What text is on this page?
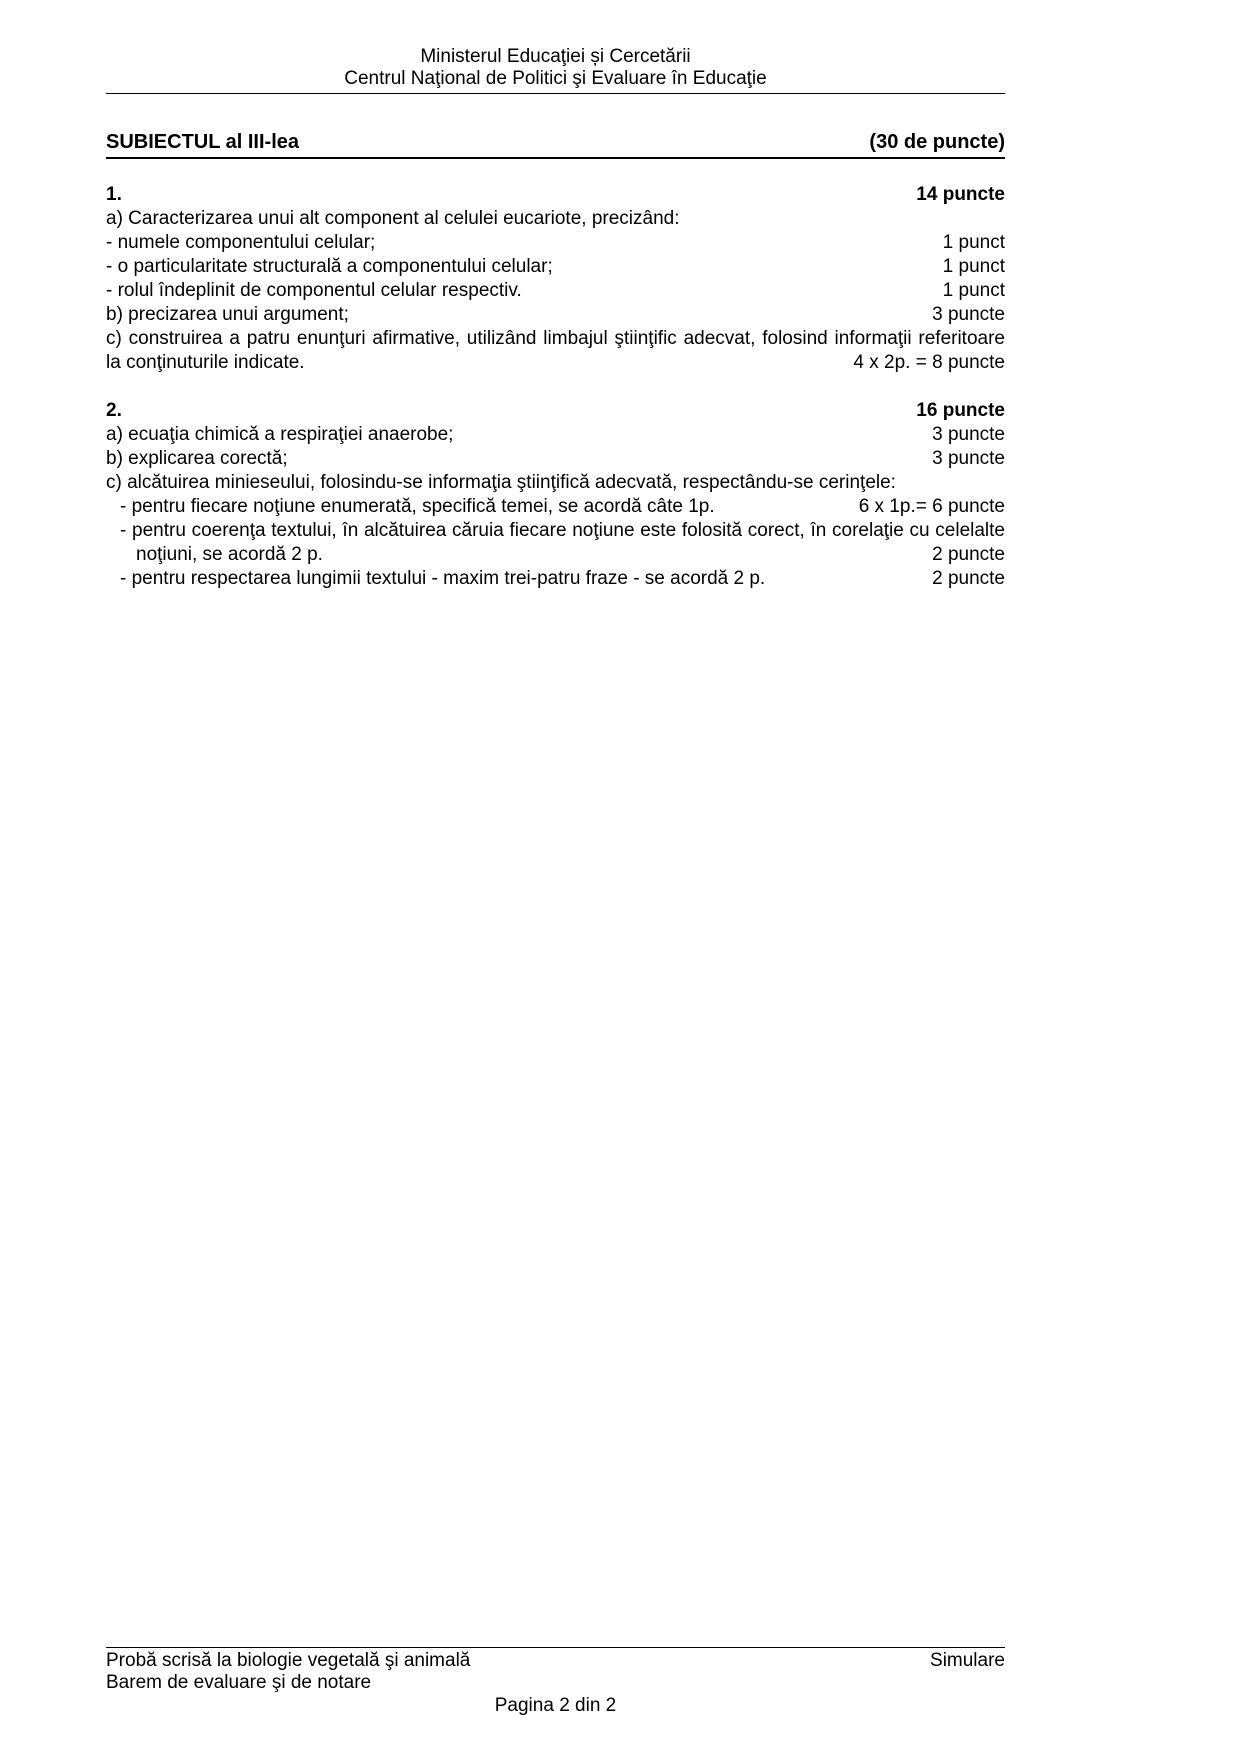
Ministerul Educaţiei și Cercetării
Centrul Naţional de Politici şi Evaluare în Educaţie
SUBIECTUL al III-lea	(30 de puncte)
1.	14 puncte
a) Caracterizarea unui alt component al celulei eucariote, precizând:
- numele componentului celular;	1 punct
- o particularitate structurală a componentului celular;	1 punct
- rolul îndeplinit de componentul celular respectiv.	1 punct
b) precizarea unui argument;	3 puncte

c) construirea a patru enunţuri afirmative, utilizând limbajul ştiinţific adecvat, folosind informaţii referitoare la conţinuturile indicate.	4 x 2p. = 8 puncte

2.	16 puncte
a) ecuaţia chimică a respiraţiei anaerobe;	3 puncte
b) explicarea corectă;	3 puncte
c) alcătuirea minieseului, folosindu-se informaţia ştiinţifică adecvată, respectându-se cerinţele:
- pentru fiecare noţiune enumerată, specifică temei, se acordă câte 1p.	6 x 1p.= 6 puncte
- pentru coerenţa textului, în alcătuirea căruia fiecare noţiune este folosită corect, în corelaţie cu celelalte noţiuni, se acordă 2 p.	2 puncte
- pentru respectarea lungimii textului - maxim trei-patru fraze - se acordă 2 p.	2 puncte
Probă scrisă la biologie vegetală şi animală	Simulare
Barem de evaluare şi de notare
Pagina 2 din 2
